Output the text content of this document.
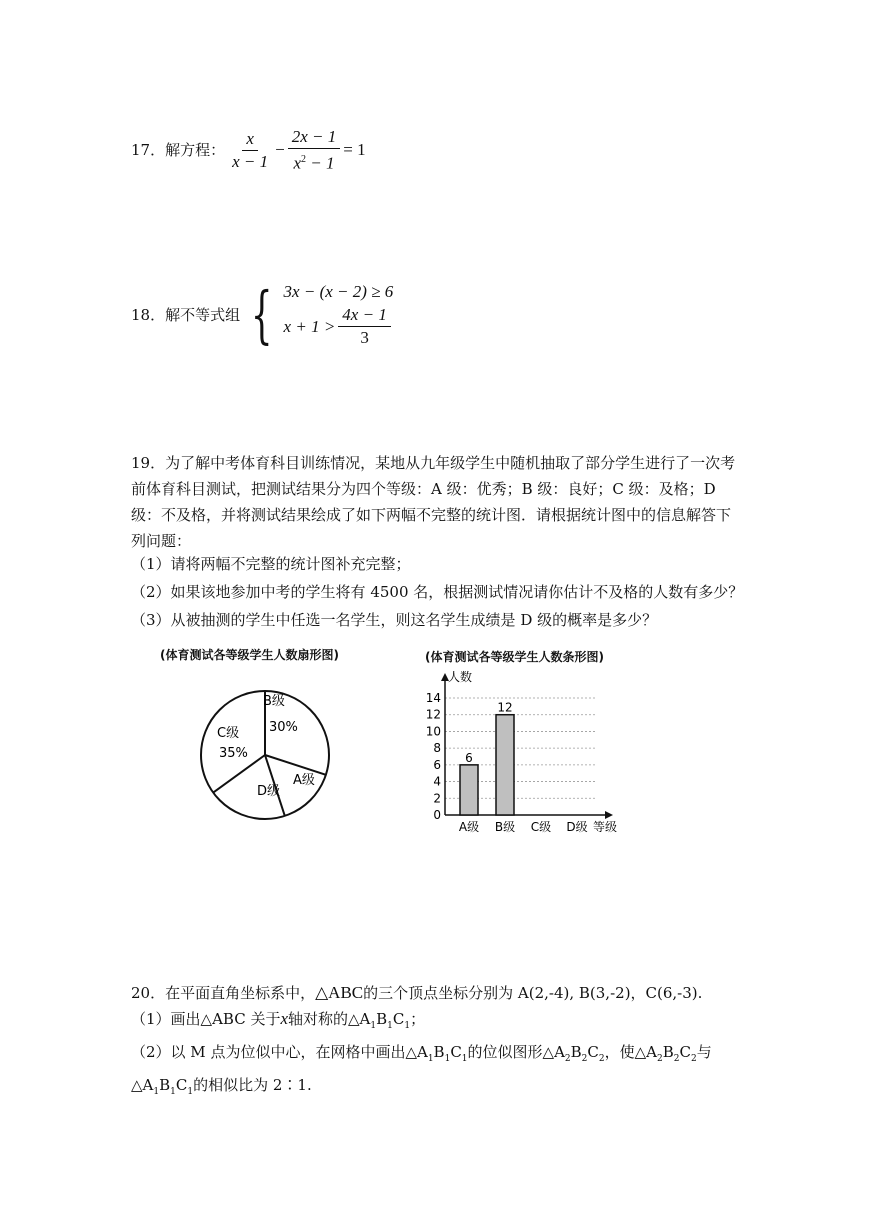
17．解方程： $\frac{x}{x - 1} - \frac{2x - 1}{x^2 - 1} = 1$
18．解不等式组 { 3x − (x − 2) ≥ 6
$x + 1 > \frac{4x - 1}{3}$
19．为了解中考体育科目训练情况，某地从九年级学生中随机抽取了部分学生进行了一次考
前体育科目测试，把测试结果分为四个等级：A 级：优秀；B 级：良好；C 级：及格；D
级：不及格，并将测试结果绘成了如下两幅不完整的统计图．请根据统计图中的信息解答下
列问题：
（1）请将两幅不完整的统计图补充完整；
（2）如果该地参加中考的学生将有 4500 名，根据测试情况请你估计不及格的人数有多少？
（3）从被抽测的学生中任选一名学生，则这名学生成绩是 D 级的概率是多少？
(体育测试各等级学生人数扇形图)
B级
30%
C级
35%
A级
D级
(体育测试各等级学生人数条形图)
0
2
4
6
8
10
12
14
6
A级
12
B级 C级 D级
人数
等级
20．在平面直角坐标系中，△ABC的三个顶点坐标分别为 A(2,-4), B(3,-2)，C(6,-3).
（1）画出△ABC 关于x轴对称的$\triangle A_1B_1C_1$；
（2）以 M 点为位似中心，在网格中画出$\triangle A_1B_1C_1$的位似图形$\triangle A_2B_2C_2$，使$\triangle A_2B_2C_2$与
$\triangle A_1B_1C_1$的相似比为 2∶1.
